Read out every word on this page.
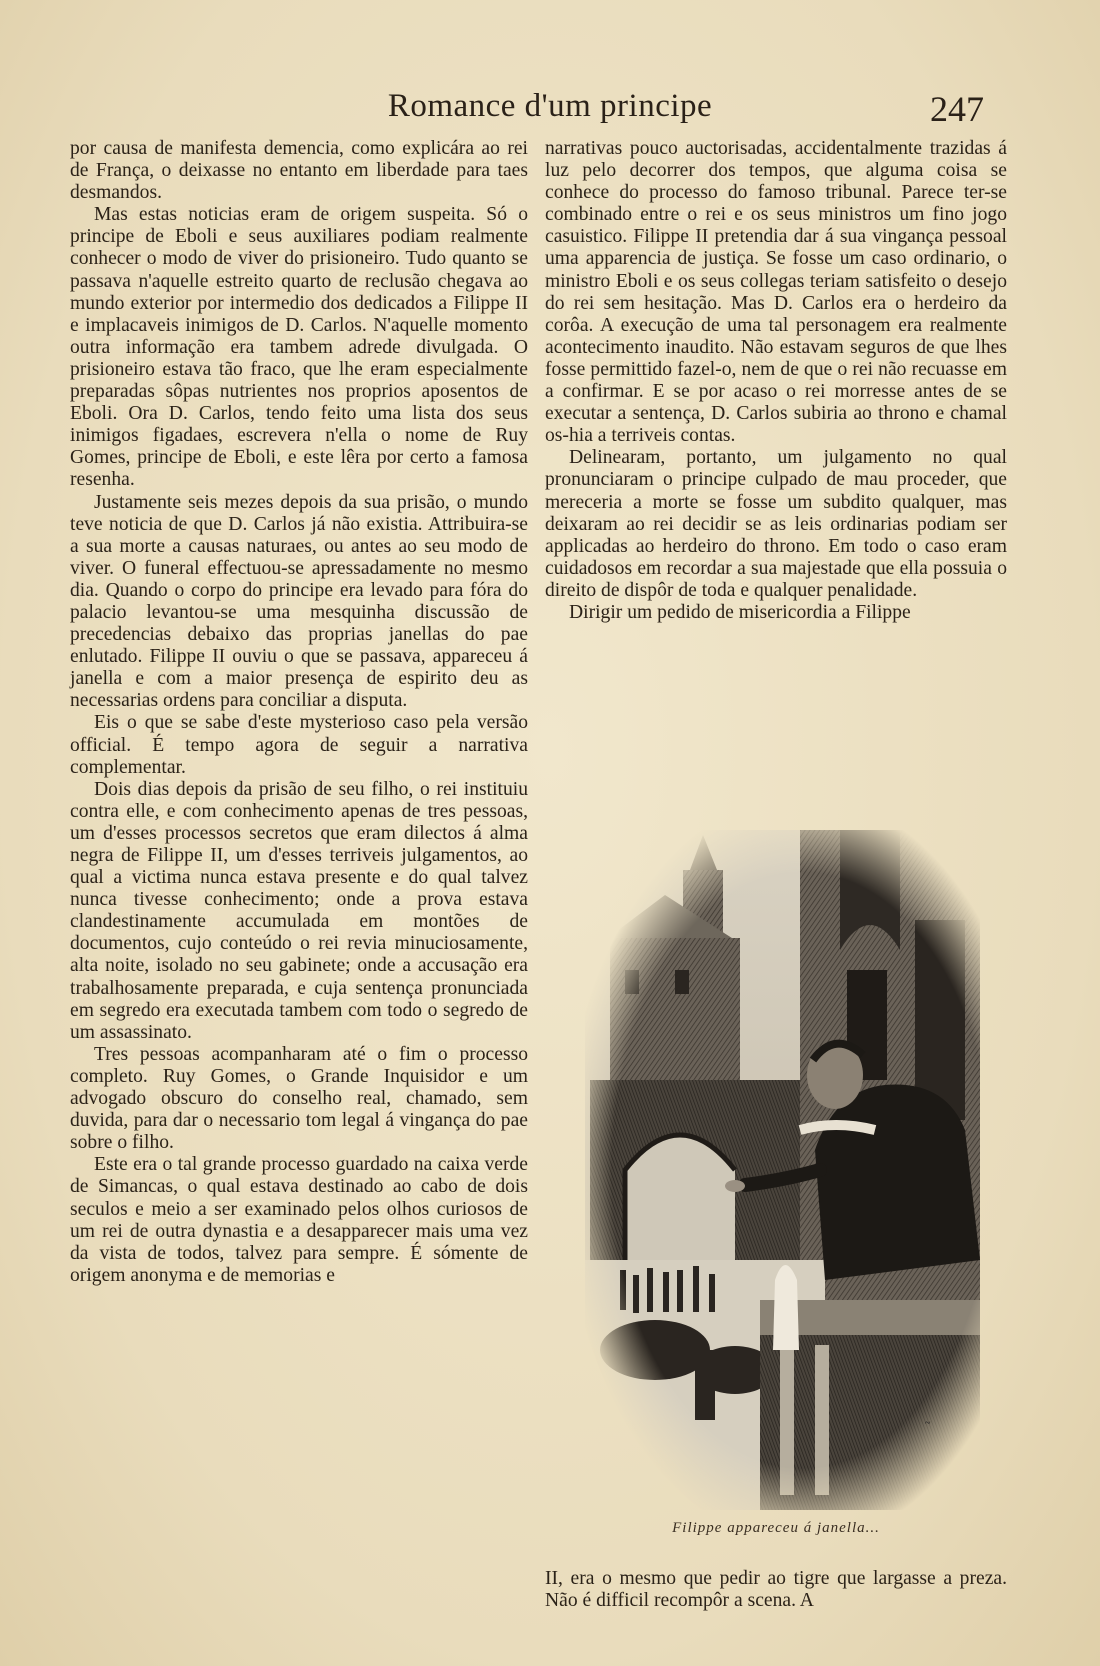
Romance d'um principe	247

por causa de manifesta demencia, como explicára ao rei de França, o deixasse no entanto em liberdade para taes desmandos.

Mas estas noticias eram de origem suspeita. Só o principe de Eboli e seus auxiliares podiam realmente conhecer o modo de viver do prisioneiro. Tudo quanto se passava n'aquelle estreito quarto de reclusão chegava ao mundo exterior por intermedio dos dedicados a Filippe II e implacaveis inimigos de D. Carlos. N'aquelle momento outra informação era tambem adrede divulgada. O prisioneiro estava tão fraco, que lhe eram especialmente preparadas sôpas nutrientes nos proprios aposentos de Eboli. Ora D. Carlos, tendo feito uma lista dos seus inimigos figadaes, escrevera n'ella o nome de Ruy Gomes, principe de Eboli, e este lêra por certo a famosa resenha.

Justamente seis mezes depois da sua prisão, o mundo teve noticia de que D. Carlos já não existia. Attribuira-se a sua morte a causas naturaes, ou antes ao seu modo de viver. O funeral effectuou-se apressadamente no mesmo dia. Quando o corpo do principe era levado para fóra do palacio levantou-se uma mesquinha discussão de precedencias debaixo das proprias janellas do pae enlutado. Filippe II ouviu o que se passava, appareceu á janella e com a maior presença de espirito deu as necessarias ordens para conciliar a disputa.

Eis o que se sabe d'este mysterioso caso pela versão official. É tempo agora de seguir a narrativa complementar.

Dois dias depois da prisão de seu filho, o rei instituiu contra elle, e com conhecimento apenas de tres pessoas, um d'esses processos secretos que eram dilectos á alma negra de Filippe II, um d'esses terriveis julgamentos, ao qual a victima nunca estava presente e do qual talvez nunca tivesse conhecimento; onde a prova estava clandestinamente accumulada em montões de documentos, cujo conteúdo o rei revia minuciosamente, alta noite, isolado no seu gabinete; onde a accusação era trabalhosamente preparada, e cuja sentença pronunciada em segredo era executada tambem com todo o segredo de um assassinato.

Tres pessoas acompanharam até o fim o processo completo. Ruy Gomes, o Grande Inquisidor e um advogado obscuro do conselho real, chamado, sem duvida, para dar o necessario tom legal á vingança do pae sobre o filho.

Este era o tal grande processo guardado na caixa verde de Simancas, o qual estava destinado ao cabo de dois seculos e meio a ser examinado pelos olhos curiosos de um rei de outra dynastia e a desapparecer mais uma vez da vista de todos, talvez para sempre. É sómente de origem anonyma e de memorias e

narrativas pouco auctorisadas, accidentalmente trazidas á luz pelo decorrer dos tempos, que alguma coisa se conhece do processo do famoso tribunal. Parece ter-se combinado entre o rei e os seus ministros um fino jogo casuistico. Filippe II pretendia dar á sua vingança pessoal uma apparencia de justiça. Se fosse um caso ordinario, o ministro Eboli e os seus collegas teriam satisfeito o desejo do rei sem hesitação. Mas D. Carlos era o herdeiro da corôa. A execução de uma tal personagem era realmente acontecimento inaudito. Não estavam seguros de que lhes fosse permittido fazel-o, nem de que o rei não recuasse em a confirmar. E se por acaso o rei morresse antes de se executar a sentença, D. Carlos subiria ao throno e chamal os-hia a terriveis contas.

Delinearam, portanto, um julgamento no qual pronunciaram o principe culpado de mau proceder, que mereceria a morte se fosse um subdito qualquer, mas deixaram ao rei decidir se as leis ordinarias podiam ser applicadas ao herdeiro do throno. Em todo o caso eram cuidadosos em recordar a sua majestade que ella possuia o direito de dispôr de toda e qualquer penalidade.

Dirigir um pedido de misericordia a Filippe

~
Filippe appareceu á janella...

II, era o mesmo que pedir ao tigre que largasse a preza. Não é difficil recompôr a scena. A
